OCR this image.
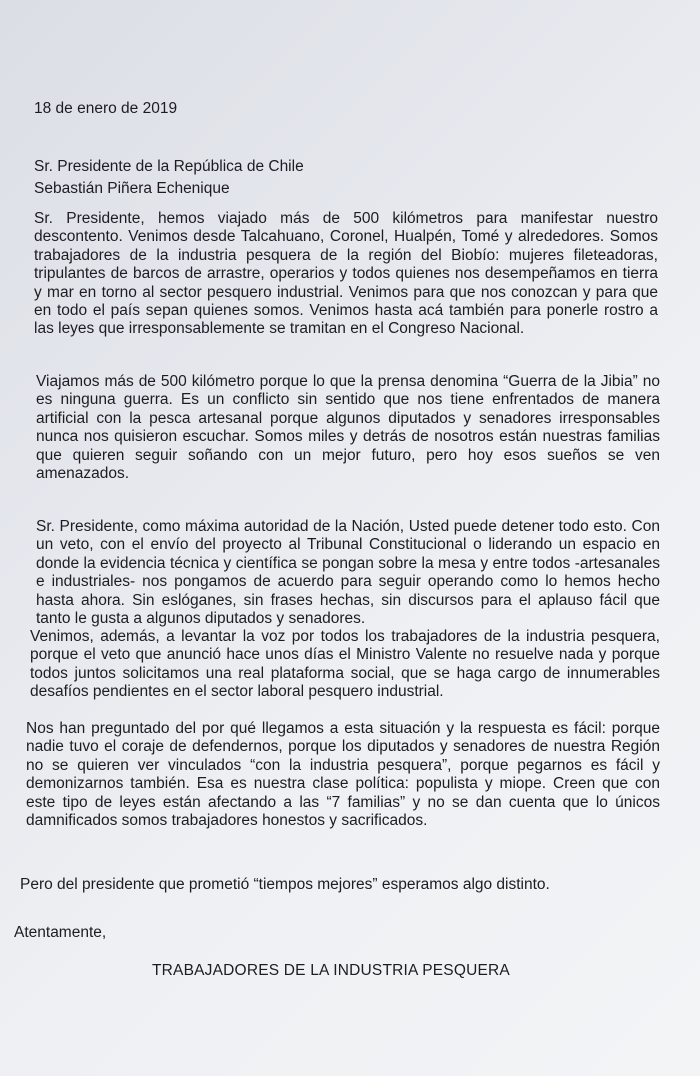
18 de enero de 2019
Sr. Presidente de la República de Chile
Sebastián Piñera Echenique

Sr. Presidente, hemos viajado más de 500 kilómetros para manifestar nuestro descontento. Venimos desde Talcahuano, Coronel, Hualpén, Tomé y alrededores. Somos trabajadores de la industria pesquera de la región del Biobío: mujeres fileteadoras, tripulantes de barcos de arrastre, operarios y todos quienes nos desempeñamos en tierra y mar en torno al sector pesquero industrial. Venimos para que nos conozcan y para que en todo el país sepan quienes somos. Venimos hasta acá también para ponerle rostro a las leyes que irresponsablemente se tramitan en el Congreso Nacional.

Viajamos más de 500 kilómetro porque lo que la prensa denomina “Guerra de la Jibia” no es ninguna guerra. Es un conflicto sin sentido que nos tiene enfrentados de manera artificial con la pesca artesanal porque algunos diputados y senadores irresponsables nunca nos quisieron escuchar. Somos miles y detrás de nosotros están nuestras familias que quieren seguir soñando con un mejor futuro, pero hoy esos sueños se ven amenazados.

Sr. Presidente, como máxima autoridad de la Nación, Usted puede detener todo esto. Con un veto, con el envío del proyecto al Tribunal Constitucional o liderando un espacio en donde la evidencia técnica y científica se pongan sobre la mesa y entre todos -artesanales e industriales- nos pongamos de acuerdo para seguir operando como lo hemos hecho hasta ahora. Sin eslóganes, sin frases hechas, sin discursos para el aplauso fácil que tanto le gusta a algunos diputados y senadores.

Venimos, además, a levantar la voz por todos los trabajadores de la industria pesquera, porque el veto que anunció hace unos días el Ministro Valente no resuelve nada y porque todos juntos solicitamos una real plataforma social, que se haga cargo de innumerables desafíos pendientes en el sector laboral pesquero industrial.

Nos han preguntado del por qué llegamos a esta situación y la respuesta es fácil: porque nadie tuvo el coraje de defendernos, porque los diputados y senadores de nuestra Región no se quieren ver vinculados “con la industria pesquera”, porque pegarnos es fácil y demonizarnos también. Esa es nuestra clase política: populista y miope. Creen que con este tipo de leyes están afectando a las “7 familias” y no se dan cuenta que lo únicos damnificados somos trabajadores honestos y sacrificados.

Pero del presidente que prometió “tiempos mejores” esperamos algo distinto.
Atentamente,
TRABAJADORES DE LA INDUSTRIA PESQUERA
